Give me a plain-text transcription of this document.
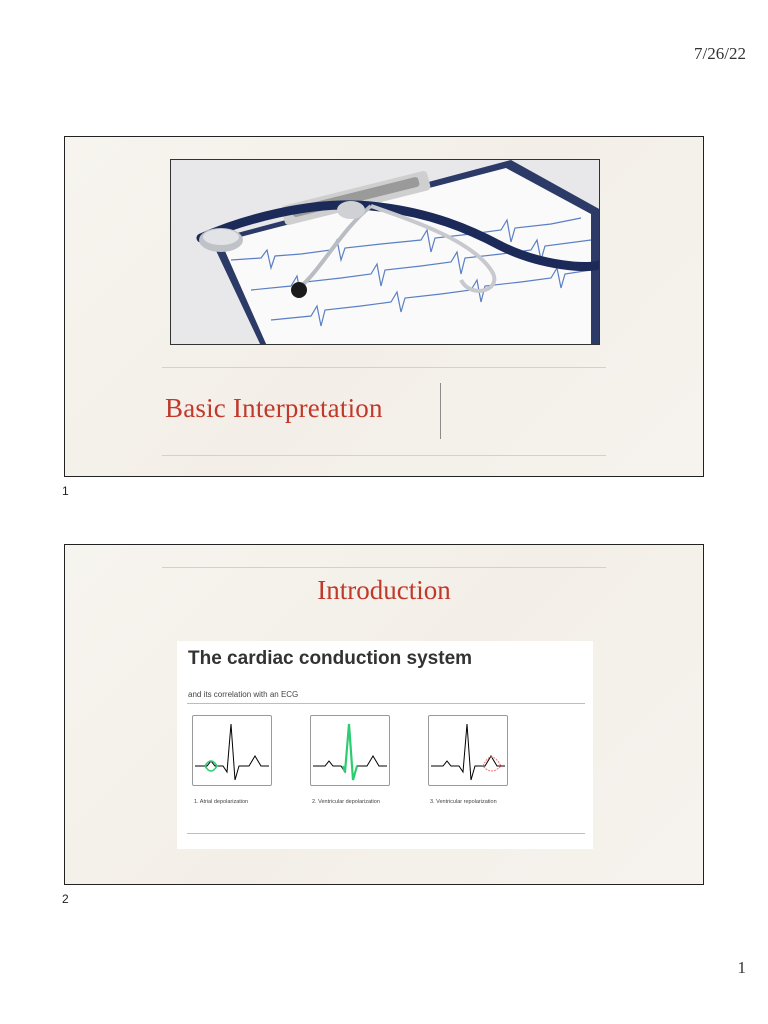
7/26/22
Basic Interpretation
1
Introduction
The cardiac conduction system
and its correlation with an ECG
1. Atrial depolarization	2. Ventricular depolarization	3. Ventricular repolarization
2
1
